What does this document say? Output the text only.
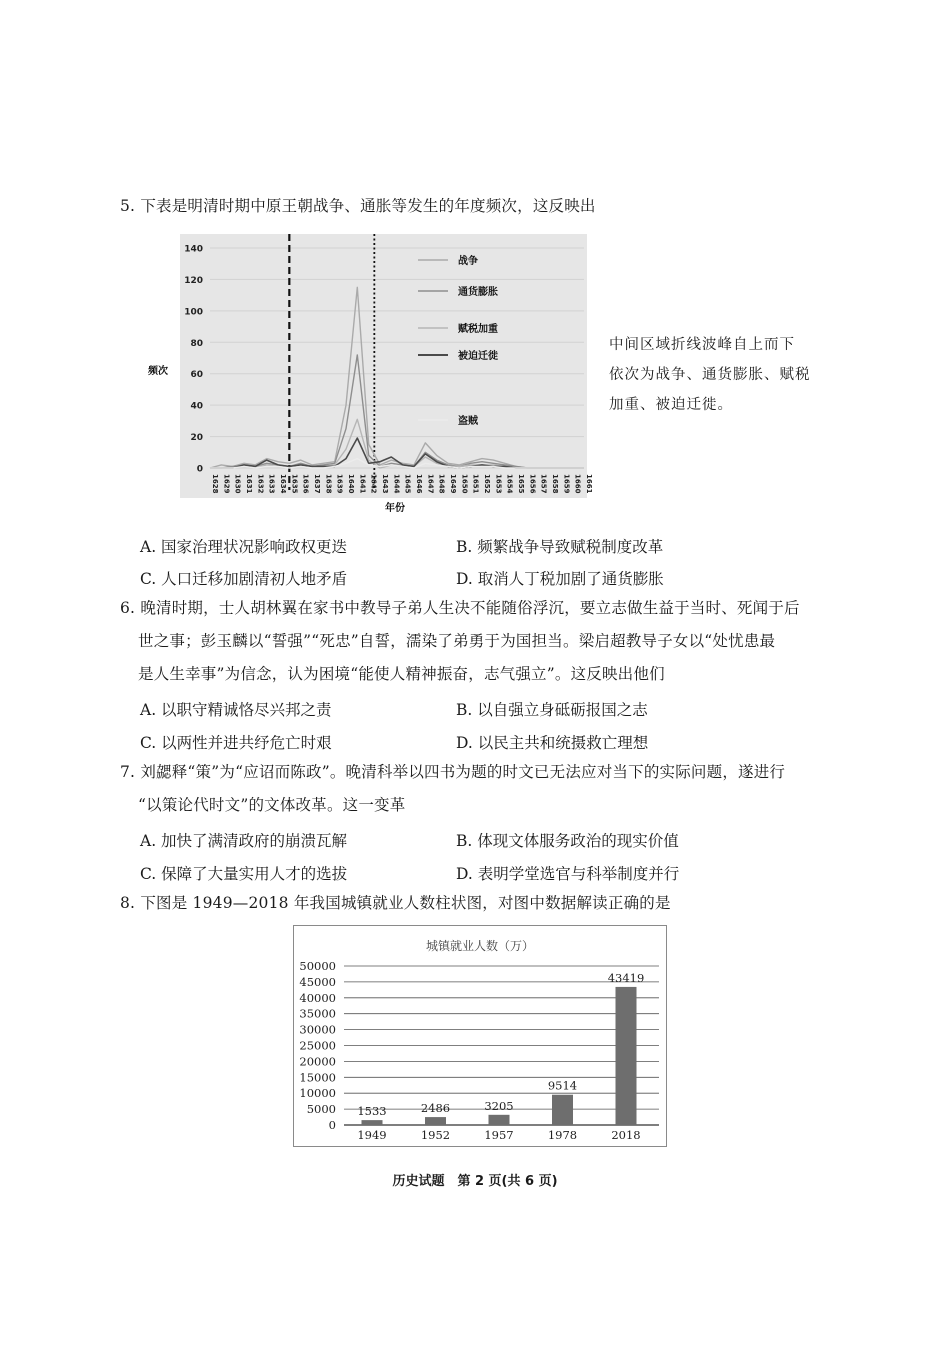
5. 下表是明清时期中原王朝战争、通胀等发生的年度频次，这反映出
0
20
40
60
80
100
120
140
1628 1629 1630 1631 1632 1633 1634 1635 1636 1637 1638 1639 1640 1641 1642 1643 1644 1645 1646 1647 1648 1649 1650 1651 1652 1653 1654 1655 1656 1657 1658 1659 1660 1661
频次
年份
战争
通货膨胀
赋税加重
被迫迁徙
盗贼
中间区域折线波峰自上而下
依次为战争、通货膨胀、赋税
加重、被迫迁徙。
A. 国家治理状况影响政权更迭	B. 频繁战争导致赋税制度改革
C. 人口迁移加剧清初人地矛盾	D. 取消人丁税加剧了通货膨胀
6. 晚清时期，士人胡林翼在家书中教导子弟人生决不能随俗浮沉，要立志做生益于当时、死闻于后
世之事；彭玉麟以“誓强”“死忠”自誓，濡染了弟勇于为国担当。梁启超教导子女以“处忧患最
是人生幸事”为信念，认为困境“能使人精神振奋，志气强立”。这反映出他们
A. 以职守精诚恪尽兴邦之责	B. 以自强立身砥砺报国之志
C. 以两性并进共纾危亡时艰	D. 以民主共和统摄救亡理想
7. 刘勰释“策”为“应诏而陈政”。晚清科举以四书为题的时文已无法应对当下的实际问题，遂进行
“以策论代时文”的文体改革。这一变革
A. 加快了满清政府的崩溃瓦解	B. 体现文体服务政治的现实价值
C. 保障了大量实用人才的选拔	D. 表明学堂选官与科举制度并行
8. 下图是 1949—2018 年我国城镇就业人数柱状图，对图中数据解读正确的是
城镇就业人数（万）
0
5000
10000
15000
20000
25000
30000
35000
40000
45000
50000
1533
1949
2486
1952
3205
1957
9514
1978
43419
2018
历史试题　第 2 页(共 6 页)
